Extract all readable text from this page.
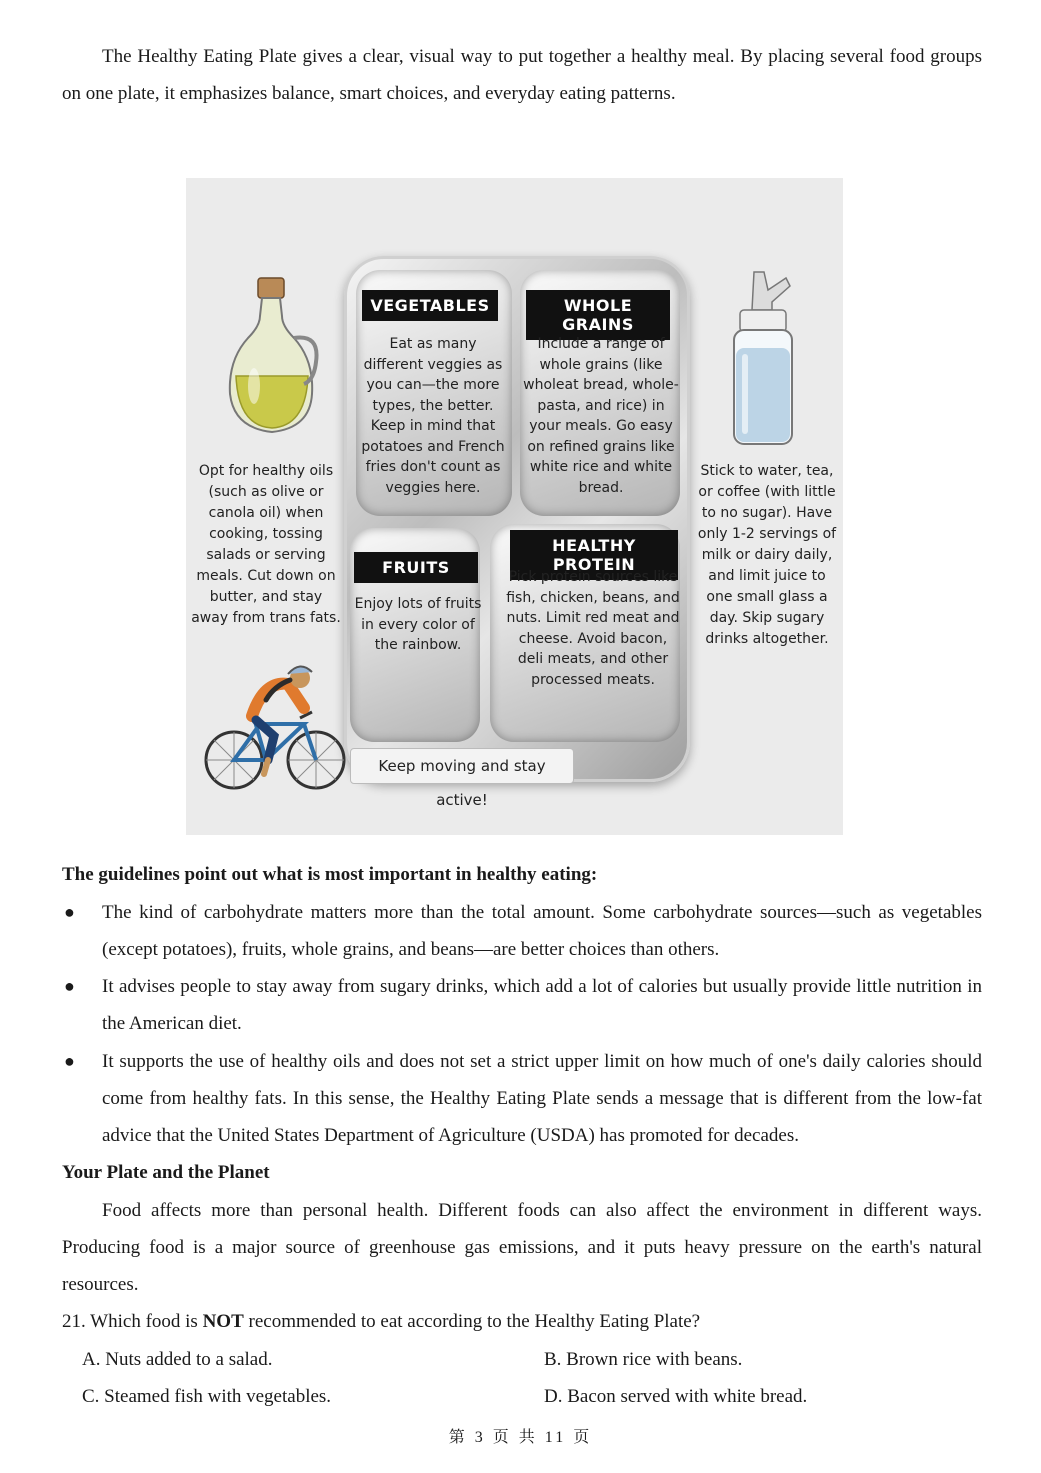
The Healthy Eating Plate gives a clear, visual way to put together a healthy meal. By placing several food groups on one plate, it emphasizes balance, smart choices, and everyday eating patterns.

Opt for healthy oils (such as olive or canola oil) when cooking, tossing salads or serving meals. Cut down on butter, and stay away from trans fats.
Stick to water, tea, or coffee (with little to no sugar). Have only 1-2 servings of milk or dairy daily, and limit juice to one small glass a day. Skip sugary drinks altogether.
VEGETABLES
Eat as many different veggies as you can—the more types, the better. Keep in mind that potatoes and French fries don't count as veggies here.
WHOLE GRAINS
Include a range of whole grains (like wholeat bread, whole-pasta, and rice) in your meals. Go easy on refined grains like white rice and white bread.
FRUITS
Enjoy lots of fruits in every color of the rainbow.
HEALTHY PROTEIN
Pick protein sources like fish, chicken, beans, and nuts. Limit red meat and cheese. Avoid bacon, deli meats, and other processed meats.
Keep moving and stay active!

The guidelines point out what is most important in healthy eating:

● The kind of carbohydrate matters more than the total amount. Some carbohydrate sources—such as vegetables (except potatoes), fruits, whole grains, and beans—are better choices than others.
● It advises people to stay away from sugary drinks, which add a lot of calories but usually provide little nutrition in the American diet.
● It supports the use of healthy oils and does not set a strict upper limit on how much of one's daily calories should come from healthy fats. In this sense, the Healthy Eating Plate sends a message that is different from the low-fat advice that the United States Department of Agriculture (USDA) has promoted for decades.

Your Plate and the Planet

Food affects more than personal health. Different foods can also affect the environment in different ways. Producing food is a major source of greenhouse gas emissions, and it puts heavy pressure on the earth's natural resources.

21. Which food is NOT recommended to eat according to the Healthy Eating Plate?
A. Nuts added to a salad.	B. Brown rice with beans.
C. Steamed fish with vegetables.	D. Bacon served with white bread.
第 3 页 共 11 页
